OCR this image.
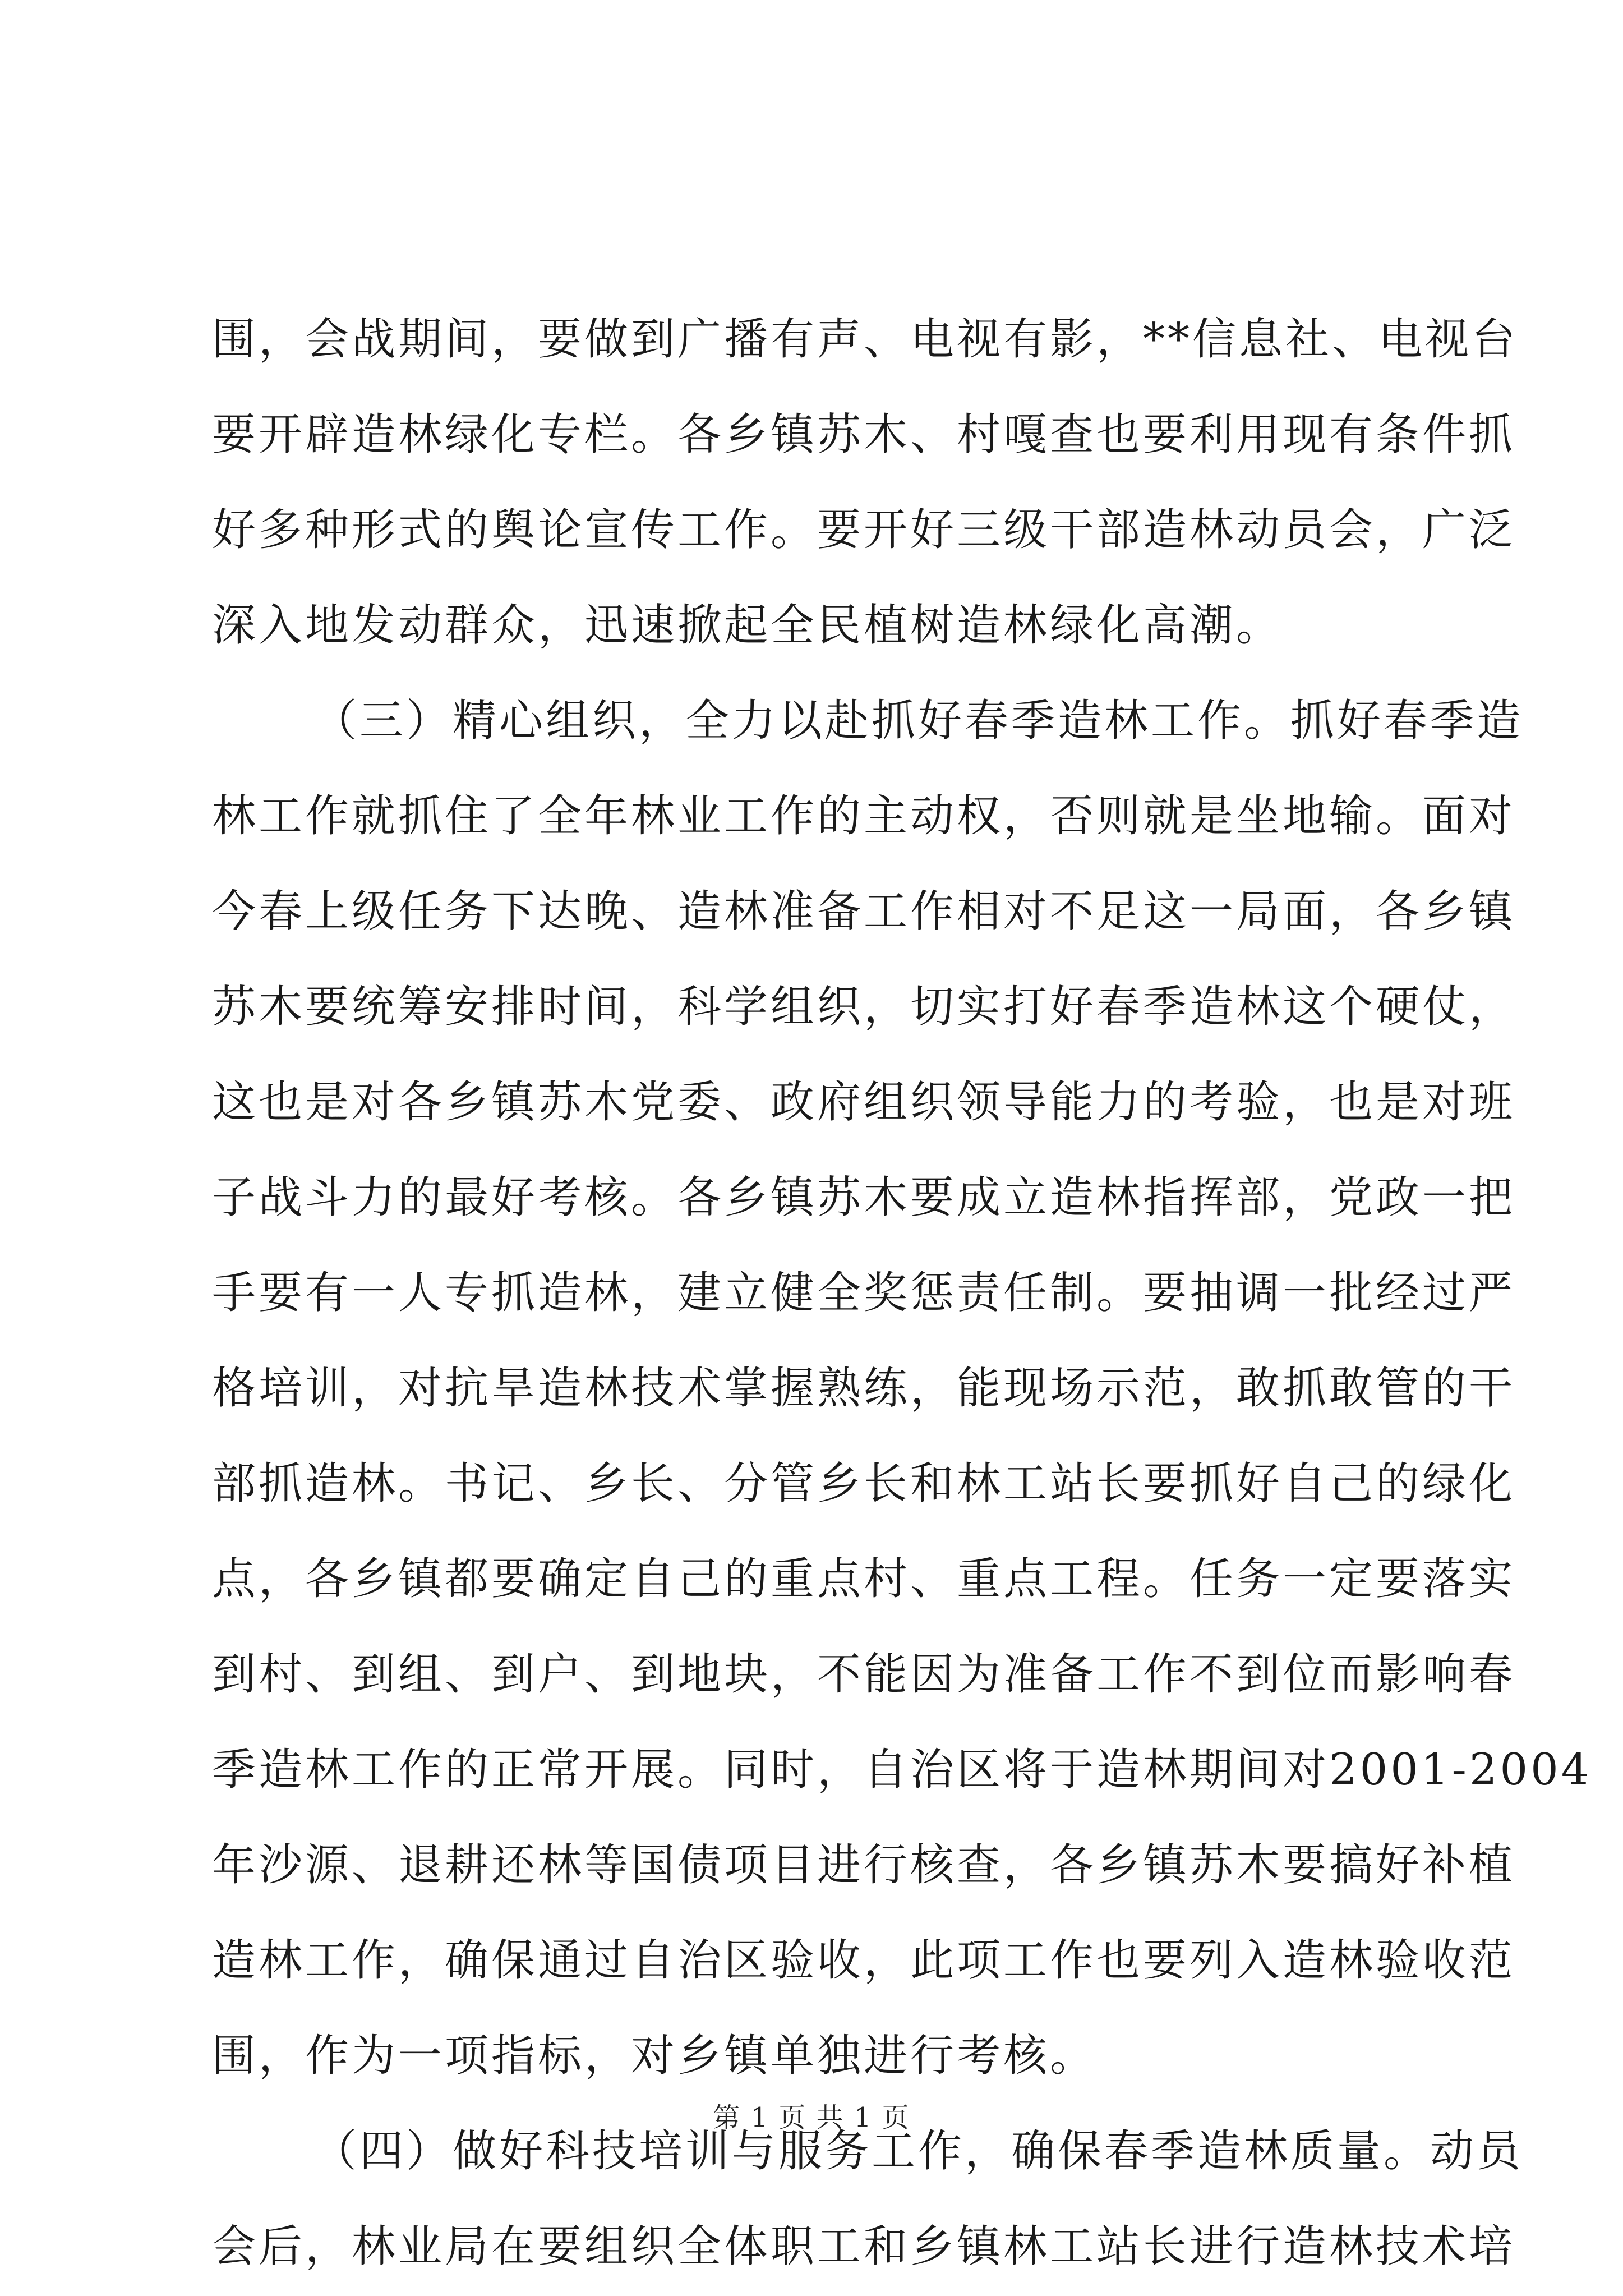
围，会战期间，要做到广播有声、电视有影，**信息社、电视台
要开辟造林绿化专栏。各乡镇苏木、村嘎查也要利用现有条件抓
好多种形式的舆论宣传工作。要开好三级干部造林动员会，广泛
深入地发动群众，迅速掀起全民植树造林绿化高潮。
（三）精心组织，全力以赴抓好春季造林工作。抓好春季造
林工作就抓住了全年林业工作的主动权，否则就是坐地输。面对
今春上级任务下达晚、造林准备工作相对不足这一局面，各乡镇
苏木要统筹安排时间，科学组织，切实打好春季造林这个硬仗，
这也是对各乡镇苏木党委、政府组织领导能力的考验，也是对班
子战斗力的最好考核。各乡镇苏木要成立造林指挥部，党政一把
手要有一人专抓造林，建立健全奖惩责任制。要抽调一批经过严
格培训，对抗旱造林技术掌握熟练，能现场示范，敢抓敢管的干
部抓造林。书记、乡长、分管乡长和林工站长要抓好自己的绿化
点，各乡镇都要确定自己的重点村、重点工程。任务一定要落实
到村、到组、到户、到地块，不能因为准备工作不到位而影响春
季造林工作的正常开展。同时，自治区将于造林期间对2001-2004
年沙源、退耕还林等国债项目进行核查，各乡镇苏木要搞好补植
造林工作，确保通过自治区验收，此项工作也要列入造林验收范
围，作为一项指标，对乡镇单独进行考核。
（四）做好科技培训与服务工作，确保春季造林质量。动员
会后，林业局在要组织全体职工和乡镇林工站长进行造林技术培
第 1 页 共 1 页
